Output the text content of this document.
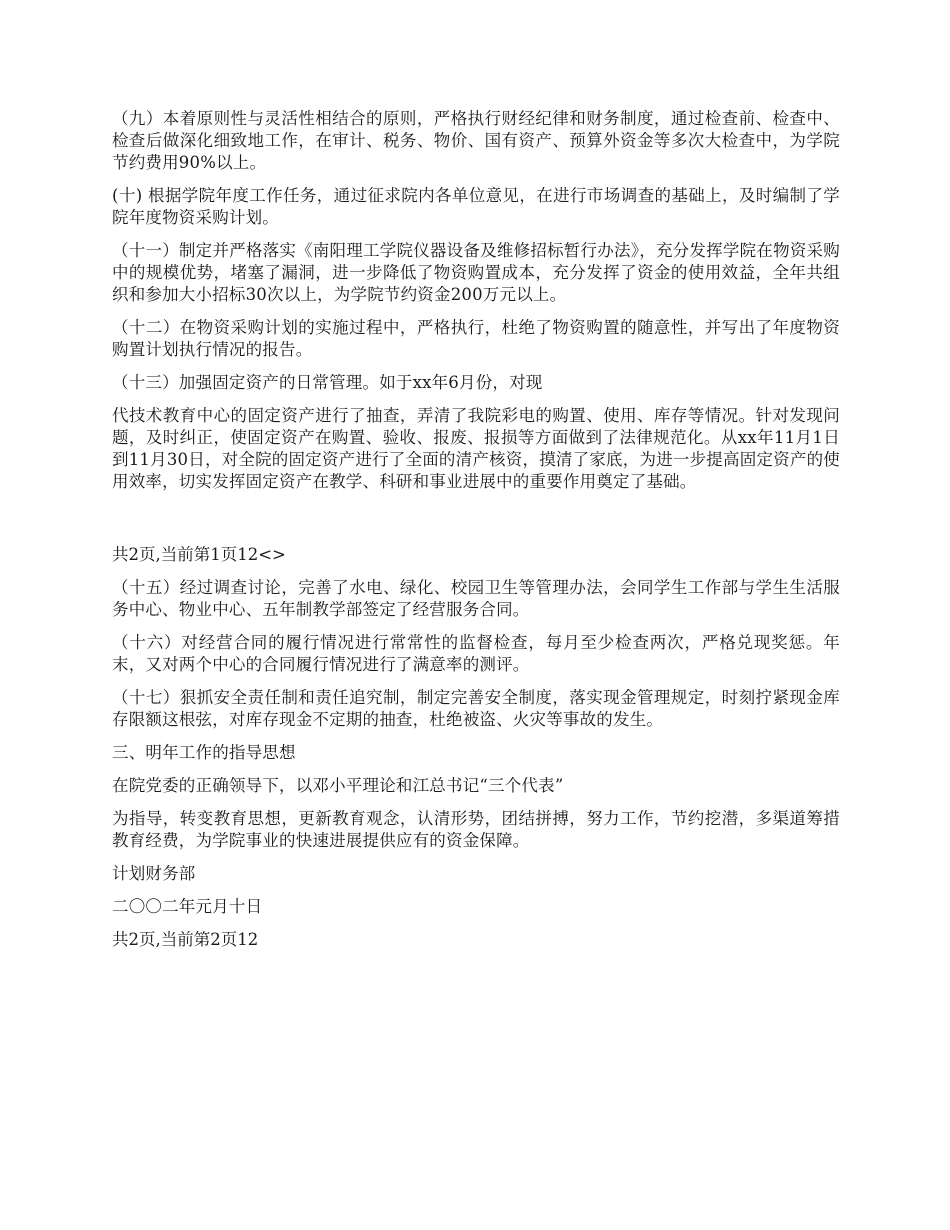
（九）本着原则性与灵活性相结合的原则，严格执行财经纪律和财务制度，通过检查前、检查中、检查后做深化细致地工作，在审计、税务、物价、国有资产、预算外资金等多次大检查中，为学院节约费用90%以上。

(十) 根据学院年度工作任务，通过征求院内各单位意见，在进行市场调查的基础上，及时编制了学院年度物资采购计划。

（十一）制定并严格落实《南阳理工学院仪器设备及维修招标暂行办法》，充分发挥学院在物资采购中的规模优势，堵塞了漏洞，进一步降低了物资购置成本，充分发挥了资金的使用效益，全年共组织和参加大小招标30次以上，为学院节约资金200万元以上。

（十二）在物资采购计划的实施过程中，严格执行，杜绝了物资购置的随意性，并写出了年度物资购置计划执行情况的报告。

（十三）加强固定资产的日常管理。如于xx年6月份，对现

代技术教育中心的固定资产进行了抽查，弄清了我院彩电的购置、使用、库存等情况。针对发现问题，及时纠正，使固定资产在购置、验收、报废、报损等方面做到了法律规范化。从xx年11月1日到11月30日，对全院的固定资产进行了全面的清产核资，摸清了家底，为进一步提高固定资产的使用效率，切实发挥固定资产在教学、科研和事业进展中的重要作用奠定了基础。

共2页,当前第1页12<>

（十五）经过调查讨论，完善了水电、绿化、校园卫生等管理办法，会同学生工作部与学生生活服务中心、物业中心、五年制教学部签定了经营服务合同。

（十六）对经营合同的履行情况进行常常性的监督检查，每月至少检查两次，严格兑现奖惩。年末，又对两个中心的合同履行情况进行了满意率的测评。

（十七）狠抓安全责任制和责任追究制，制定完善安全制度，落实现金管理规定，时刻拧紧现金库存限额这根弦，对库存现金不定期的抽查，杜绝被盗、火灾等事故的发生。

三、明年工作的指导思想

在院党委的正确领导下，以邓小平理论和江总书记“三个代表”

为指导，转变教育思想，更新教育观念，认清形势，团结拼搏，努力工作，节约挖潜，多渠道筹措教育经费，为学院事业的快速进展提供应有的资金保障。

计划财务部

二〇〇二年元月十日

共2页,当前第2页12
